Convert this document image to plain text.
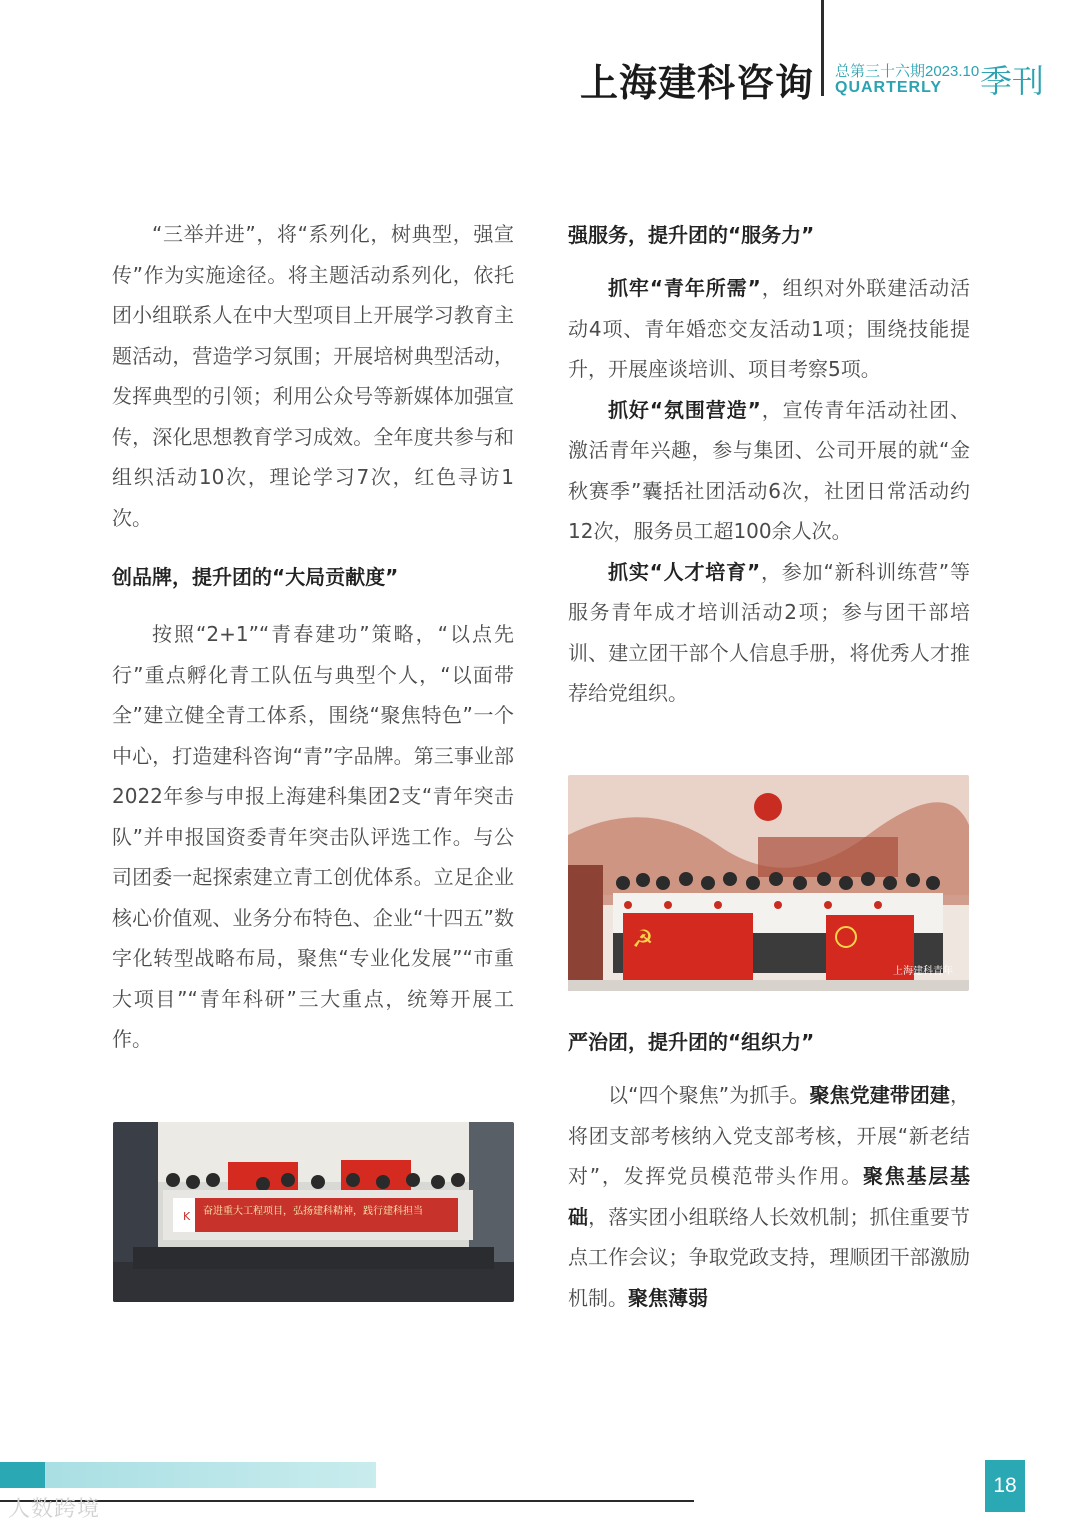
上海建科咨询 总第三十六期2023.10
QUARTERLY 季刊

“三举并进”，将“系列化，树典型，强宣传”作为实施途径。将主题活动系列化，依托团小组联系人在中大型项目上开展学习教育主题活动，营造学习氛围；开展培树典型活动，发挥典型的引领；利用公众号等新媒体加强宣传，深化思想教育学习成效。全年度共参与和组织活动10次，理论学习7次，红色寻访1次。

创品牌，提升团的“大局贡献度”

按照“2+1”“青春建功”策略，“以点先行”重点孵化青工队伍与典型个人，“以面带全”建立健全青工体系，围绕“聚焦特色”一个中心，打造建科咨询“青”字品牌。第三事业部2022年参与申报上海建科集团2支“青年突击队”并申报国资委青年突击队评选工作。与公司团委一起探索建立青工创优体系。立足企业核心价值观、业务分布特色、企业“十四五”数字化转型战略布局，聚焦“专业化发展”“市重大项目”“青年科研”三大重点，统筹开展工作。

K 奋进重大工程项目，弘扬建科精神，践行建科担当

强服务，提升团的“服务力”

抓牢“青年所需”，组织对外联建活动活动4项、青年婚恋交友活动1项；围绕技能提升，开展座谈培训、项目考察5项。

抓好“氛围营造”，宣传青年活动社团、激活青年兴趣，参与集团、公司开展的就“金秋赛季”囊括社团活动6次，社团日常活动约12次，服务员工超100余人次。

抓实“人才培育”，参加“新科训练营”等服务青年成才培训活动2项；参与团干部培训、建立团干部个人信息手册，将优秀人才推荐给党组织。

☭
上海建科青年

严治团，提升团的“组织力”

以“四个聚焦”为抓手。聚焦党建带团建，将团支部考核纳入党支部考核，开展“新老结对”，发挥党员模范带头作用。聚焦基层基础，落实团小组联络人长效机制；抓住重要节点工作会议；争取党政支持，理顺团干部激励机制。聚焦薄弱

18
人数跨境
